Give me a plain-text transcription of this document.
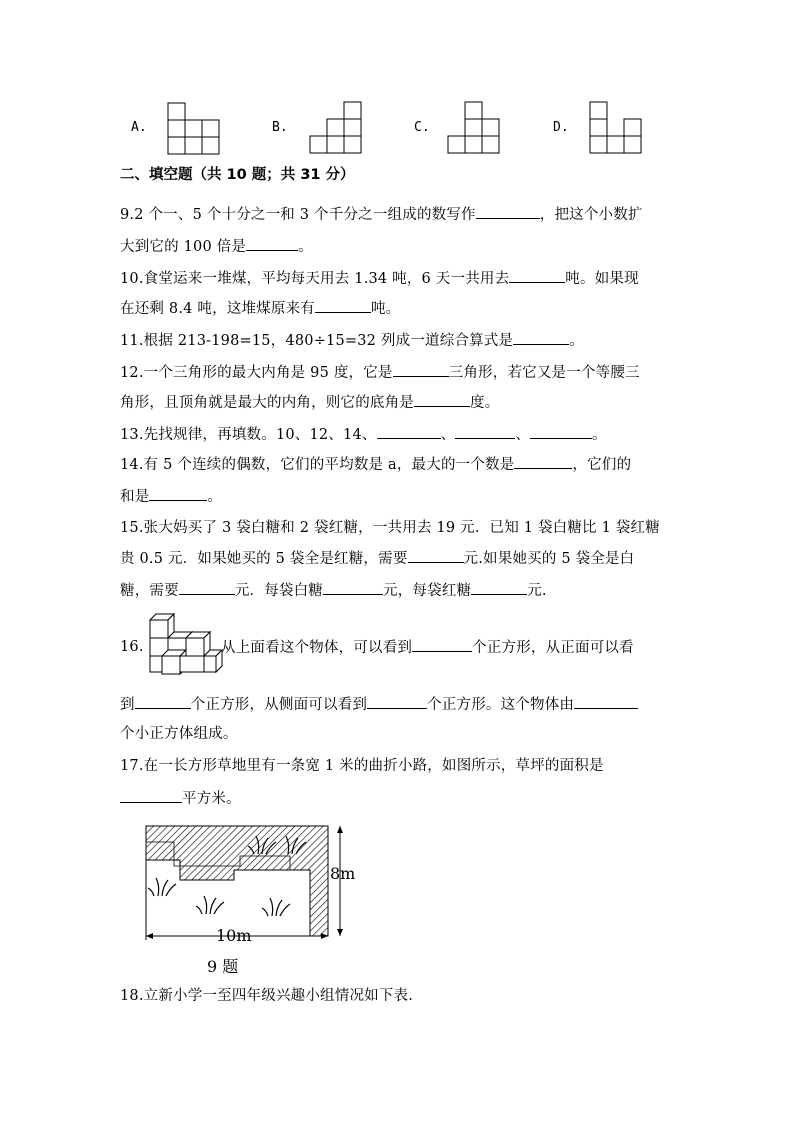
A.	B.	C.	D.
二、填空题（共 10 题；共 31 分）
9.2 个一、5 个十分之一和 3 个千分之一组成的数写作	，把这个小数扩
大到它的 100 倍是	。
10.食堂运来一堆煤，平均每天用去 1.34 吨，6 天一共用去	吨。如果现
在还剩 8.4 吨，这堆煤原来有	吨。
11.根据 213-198=15，480÷15=32 列成一道综合算式是	。
12.一个三角形的最大内角是 95 度，它是	三角形，若它又是一个等腰三
角形，且顶角就是最大的内角，则它的底角是	度。
13.先找规律，再填数。10、12、14、	、	、	。
14.有 5 个连续的偶数，它们的平均数是 a，最大的一个数是	，它们的
和是	。
15.张大妈买了 3 袋白糖和 2 袋红糖，一共用去 19 元．已知 1 袋白糖比 1 袋红糖
贵 0.5 元．如果她买的 5 袋全是红糖，需要	元.如果她买的 5 袋全是白
糖，需要	元．每袋白糖	元，每袋红糖	元.
16.	从上面看这个物体，可以看到	个正方形，从正面可以看
到	个正方形，从侧面可以看到	个正方形。这个物体由
个小正方体组成。
17.在一长方形草地里有一条宽 1 米的曲折小路，如图所示，草坪的面积是
平方米。
8m
10m
9 题
18.立新小学一至四年级兴趣小组情况如下表.
